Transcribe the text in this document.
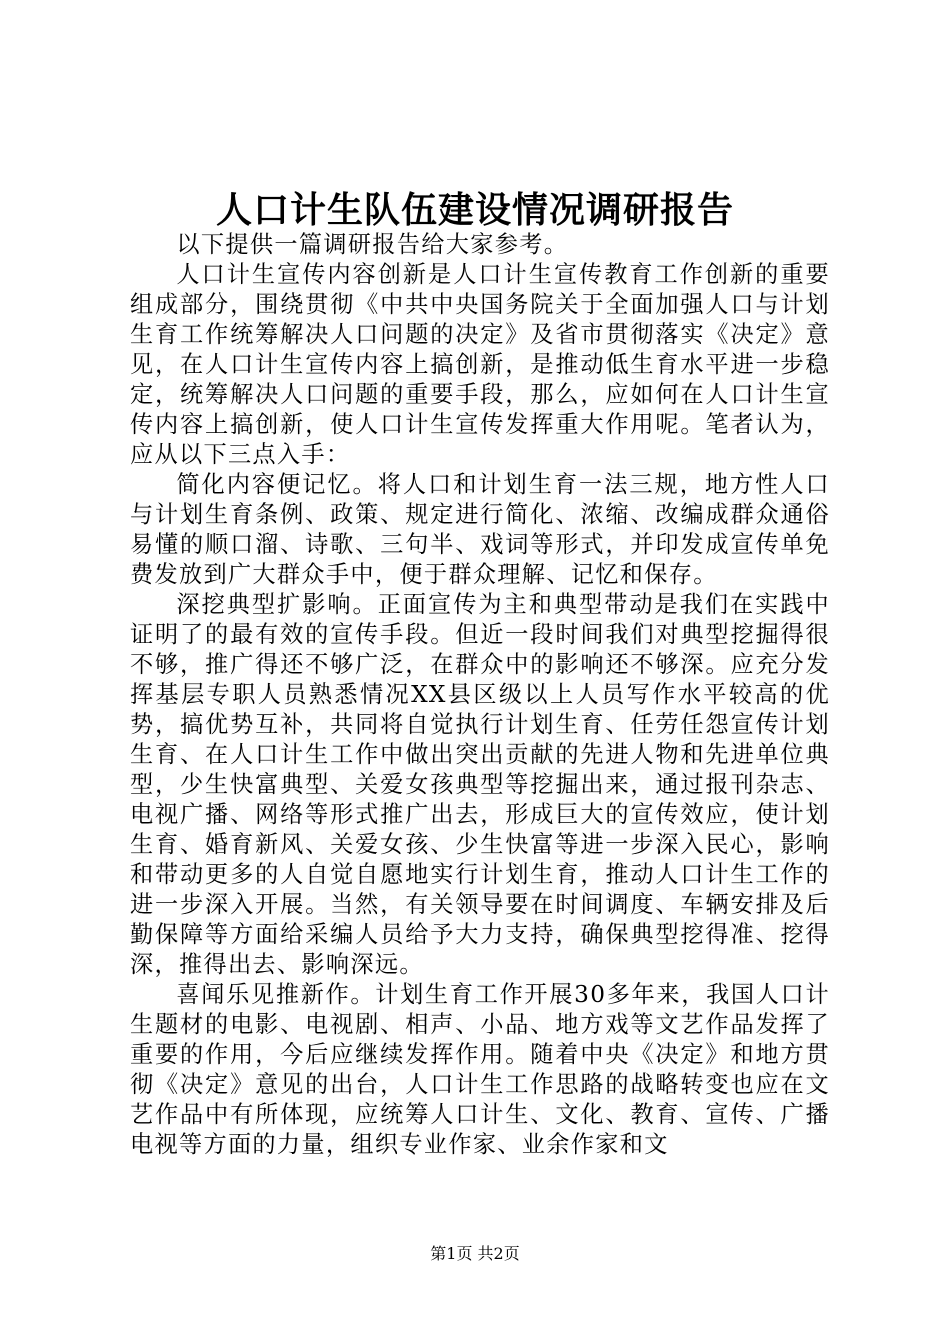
人口计生队伍建设情况调研报告

以下提供一篇调研报告给大家参考。

人口计生宣传内容创新是人口计生宣传教育工作创新的重要组成部分，围绕贯彻《中共中央国务院关于全面加强人口与计划生育工作统筹解决人口问题的决定》及省市贯彻落实《决定》意见，在人口计生宣传内容上搞创新，是推动低生育水平进一步稳定，统筹解决人口问题的重要手段，那么，应如何在人口计生宣传内容上搞创新，使人口计生宣传发挥重大作用呢。笔者认为，应从以下三点入手：

简化内容便记忆。将人口和计划生育一法三规，地方性人口与计划生育条例、政策、规定进行简化、浓缩、改编成群众通俗易懂的顺口溜、诗歌、三句半、戏词等形式，并印发成宣传单免费发放到广大群众手中，便于群众理解、记忆和保存。

深挖典型扩影响。正面宣传为主和典型带动是我们在实践中证明了的最有效的宣传手段。但近一段时间我们对典型挖掘得很不够，推广得还不够广泛，在群众中的影响还不够深。应充分发挥基层专职人员熟悉情况XX县区级以上人员写作水平较高的优势，搞优势互补，共同将自觉执行计划生育、任劳任怨宣传计划生育、在人口计生工作中做出突出贡献的先进人物和先进单位典型，少生快富典型、关爱女孩典型等挖掘出来，通过报刊杂志、电视广播、网络等形式推广出去，形成巨大的宣传效应，使计划生育、婚育新风、关爱女孩、少生快富等进一步深入民心，影响和带动更多的人自觉自愿地实行计划生育，推动人口计生工作的进一步深入开展。当然，有关领导要在时间调度、车辆安排及后勤保障等方面给采编人员给予大力支持，确保典型挖得准、挖得深，推得出去、影响深远。

喜闻乐见推新作。计划生育工作开展30多年来，我国人口计生题材的电影、电视剧、相声、小品、地方戏等文艺作品发挥了重要的作用，今后应继续发挥作用。随着中央《决定》和地方贯彻《决定》意见的出台，人口计生工作思路的战略转变也应在文艺作品中有所体现，应统筹人口计生、文化、教育、宣传、广播电视等方面的力量，组织专业作家、业余作家和文

第1页 共2页
